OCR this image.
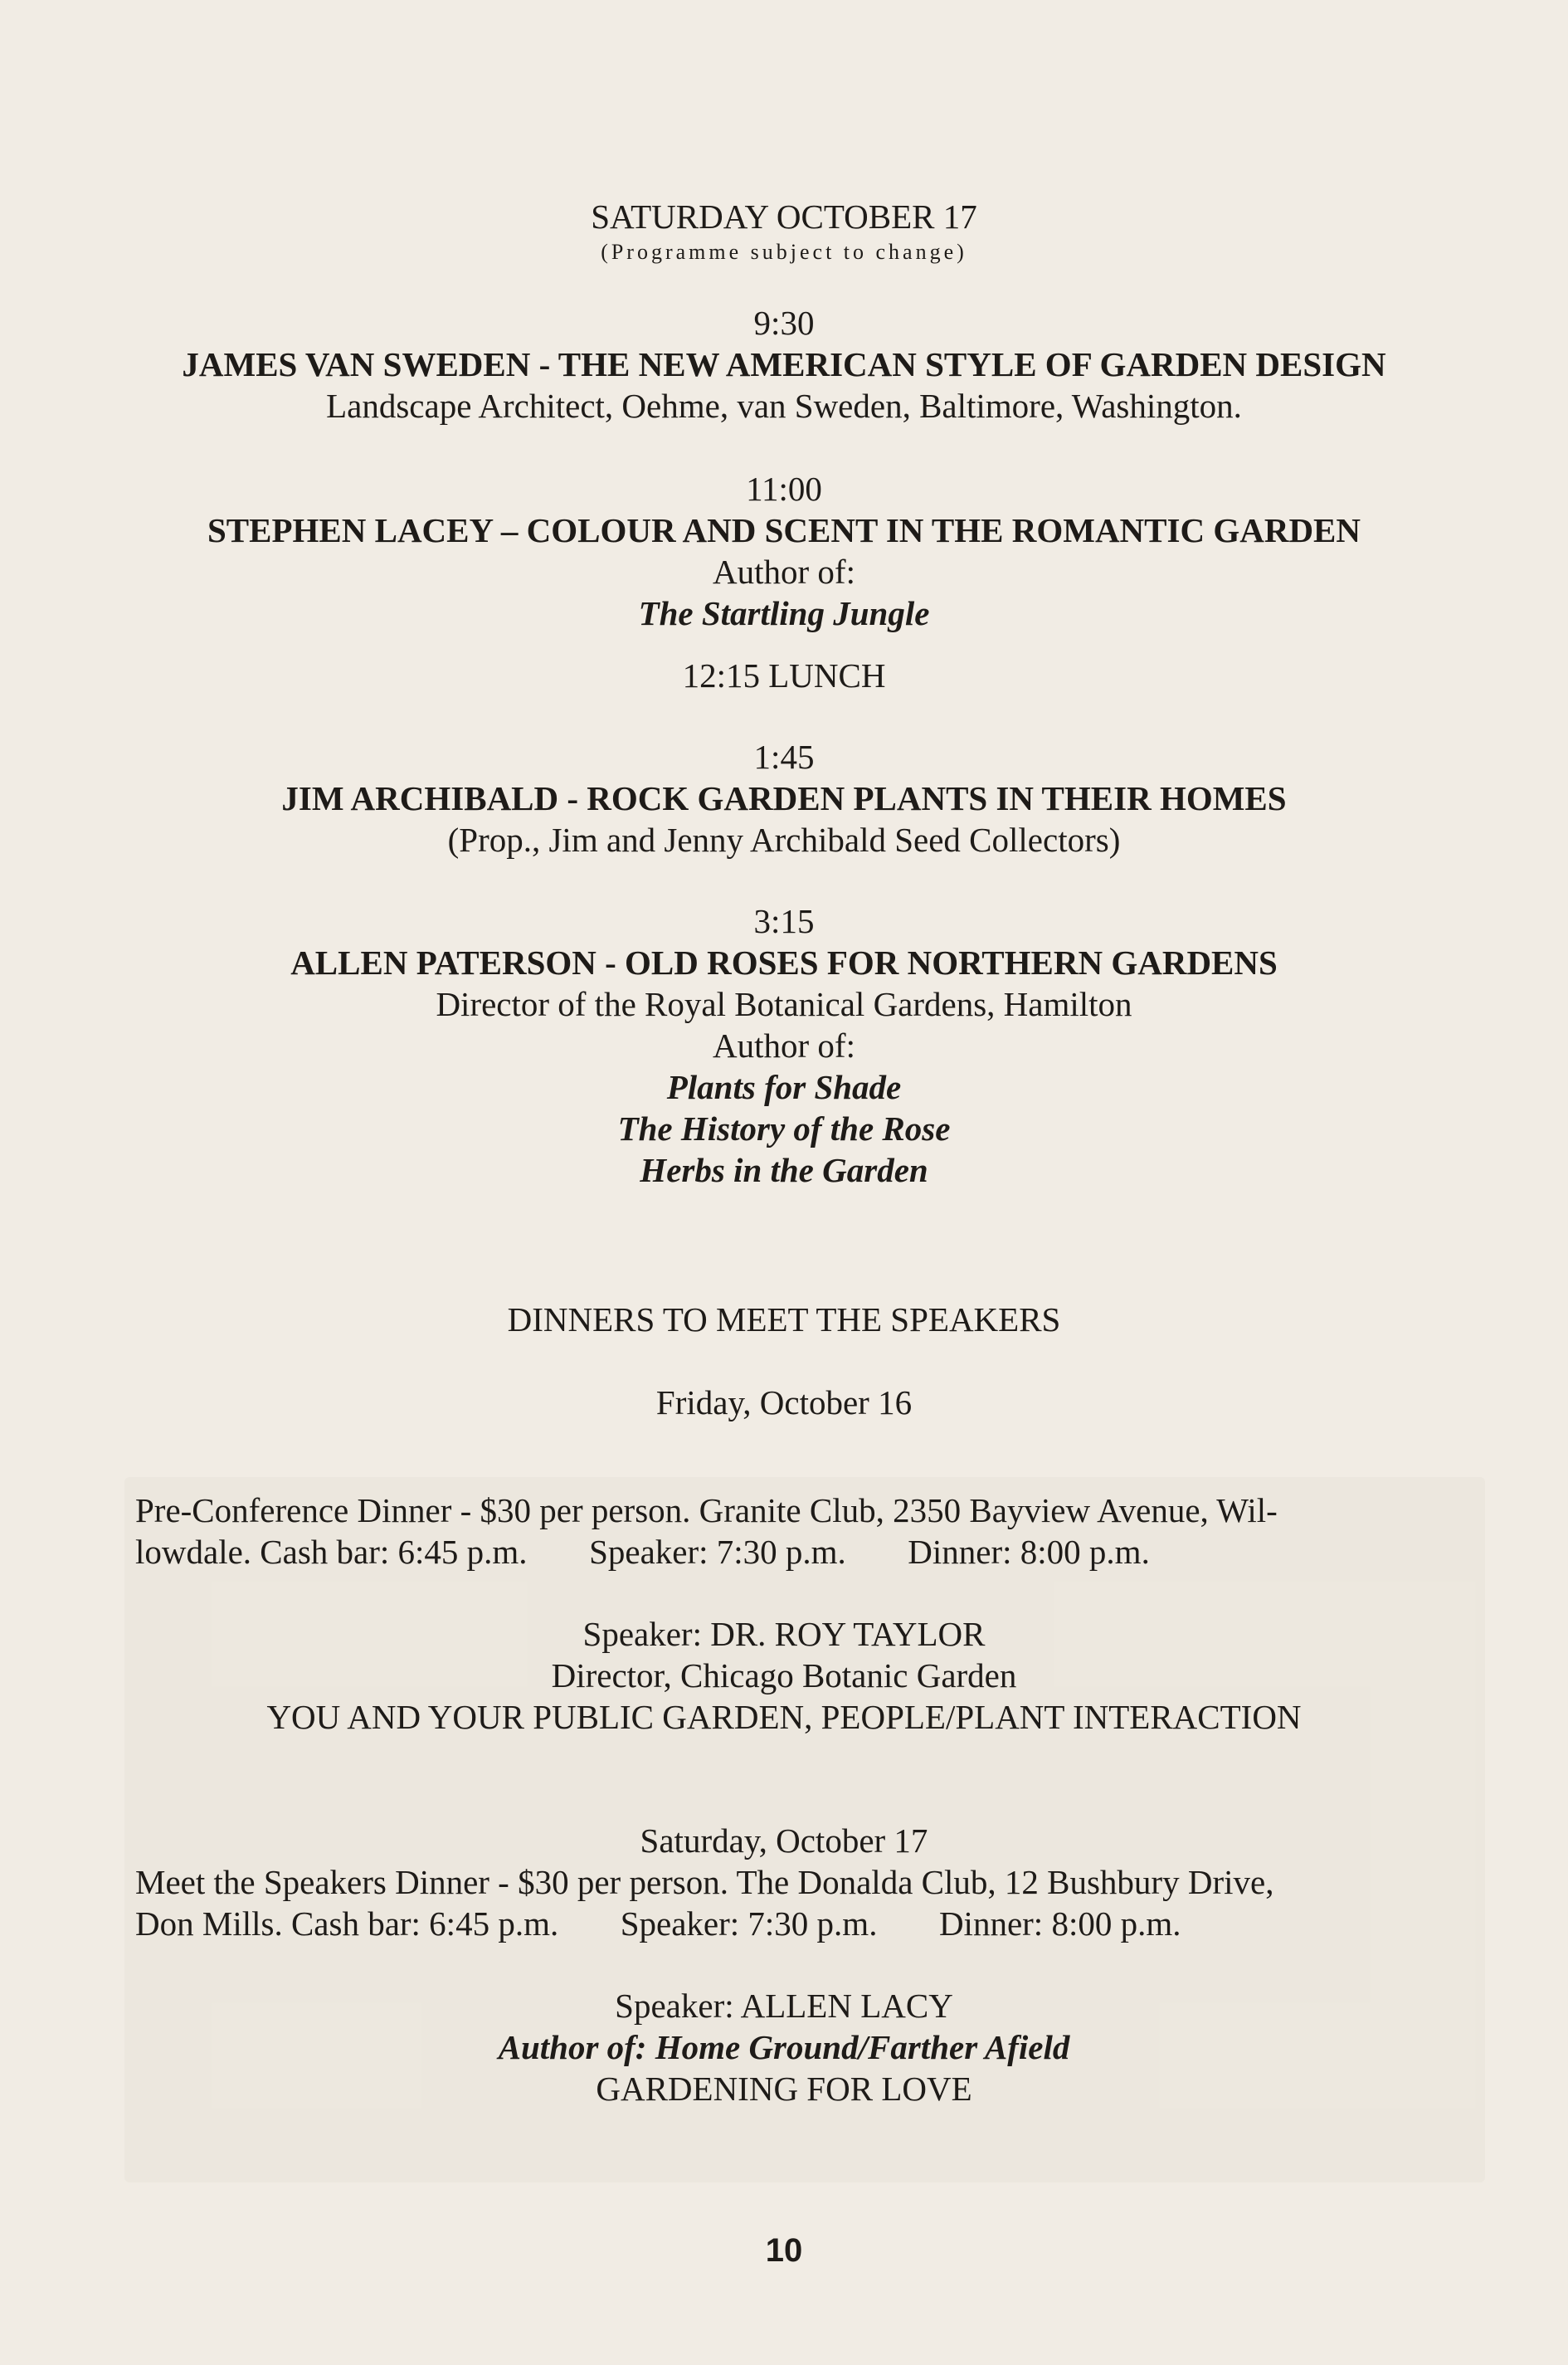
SATURDAY OCTOBER 17

(Programme subject to change)

9:30

JAMES VAN SWEDEN - THE NEW AMERICAN STYLE OF GARDEN DESIGN

Landscape Architect, Oehme, van Sweden, Baltimore, Washington.

11:00

STEPHEN LACEY – COLOUR AND SCENT IN THE ROMANTIC GARDEN

Author of:

The Startling Jungle

12:15 LUNCH

1:45

JIM ARCHIBALD - ROCK GARDEN PLANTS IN THEIR HOMES

(Prop., Jim and Jenny Archibald Seed Collectors)

3:15

ALLEN PATERSON - OLD ROSES FOR NORTHERN GARDENS

Director of the Royal Botanical Gardens, Hamilton

Author of:

Plants for Shade

The History of the Rose

Herbs in the Garden

DINNERS TO MEET THE SPEAKERS

Friday, October 16

Pre-Conference Dinner - $30 per person. Granite Club, 2350 Bayview Avenue, Wil-
lowdale. Cash bar: 6:45 p.m. Speaker: 7:30 p.m. Dinner: 8:00 p.m.

Speaker: DR. ROY TAYLOR

Director, Chicago Botanic Garden

YOU AND YOUR PUBLIC GARDEN, PEOPLE/PLANT INTERACTION

Saturday, October 17

Meet the Speakers Dinner - $30 per person. The Donalda Club, 12 Bushbury Drive,
Don Mills. Cash bar: 6:45 p.m. Speaker: 7:30 p.m. Dinner: 8:00 p.m.

Speaker: ALLEN LACY

Author of: Home Ground/Farther Afield

GARDENING FOR LOVE

10
